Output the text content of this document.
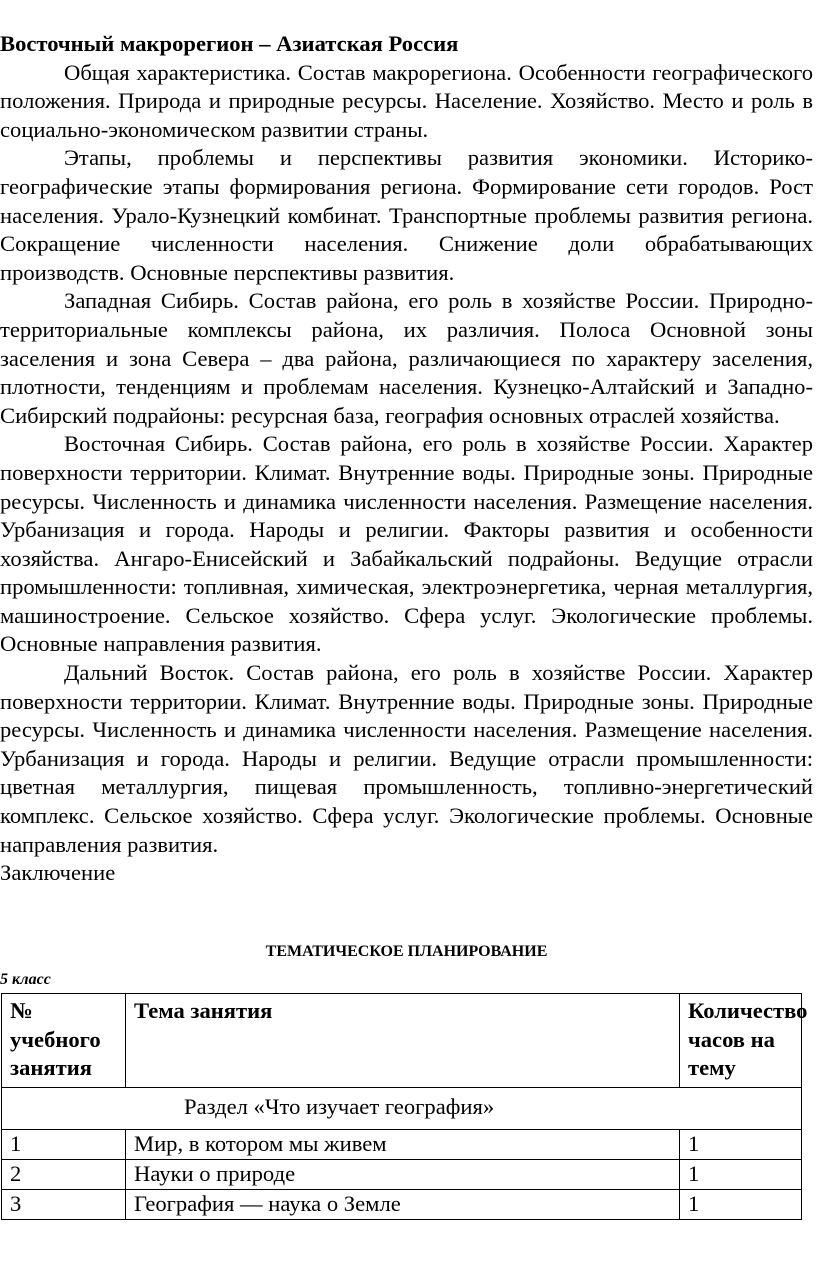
Восточный макрорегион – Азиатская Россия

Общая характеристика. Состав макрорегиона. Особенности географического положения. Природа и природные ресурсы. Население. Хозяйство. Место и роль в социально-экономическом развитии страны.

Этапы, проблемы и перспективы развития экономики. Историко-географические этапы формирования региона. Формирование сети городов. Рост населения. Урало-Кузнецкий комбинат. Транспортные проблемы развития региона. Сокращение численности населения. Снижение доли обрабатывающих производств. Основные перспективы развития.

Западная Сибирь. Состав района, его роль в хозяйстве России. Природно-территориальные комплексы района, их различия. Полоса Основной зоны заселения и зона Севера – два района, различающиеся по характеру заселения, плотности, тенденциям и проблемам населения. Кузнецко-Алтайский и Западно-Сибирский подрайоны: ресурсная база, география основных отраслей хозяйства.

Восточная Сибирь. Состав района, его роль в хозяйстве России. Характер поверхности территории. Климат. Внутренние воды. Природные зоны. Природные ресурсы. Численность и динамика численности населения. Размещение населения. Урбанизация и города. Народы и религии. Факторы развития и особенности хозяйства. Ангаро-Енисейский и Забайкальский подрайоны. Ведущие отрасли промышленности: топливная, химическая, электроэнергетика, черная металлургия, машиностроение. Сельское хозяйство. Сфера услуг. Экологические проблемы. Основные направления развития.

Дальний Восток. Состав района, его роль в хозяйстве России. Характер поверхности территории. Климат. Внутренние воды. Природные зоны. Природные ресурсы. Численность и динамика численности населения. Размещение населения. Урбанизация и города. Народы и религии. Ведущие отрасли промышленности: цветная металлургия, пищевая промышленность, топливно-энергетический комплекс. Сельское хозяйство. Сфера услуг. Экологические проблемы. Основные направления развития.

Заключение

ТЕМАТИЧЕСКОЕ ПЛАНИРОВАНИЕ

5 класс

№ учебного занятия	Тема занятия	Количество часов на тему
Раздел «Что изучает география»		
1	Мир, в котором мы живем	1
2	Науки о природе	1
3	География — наука о Земле	1
